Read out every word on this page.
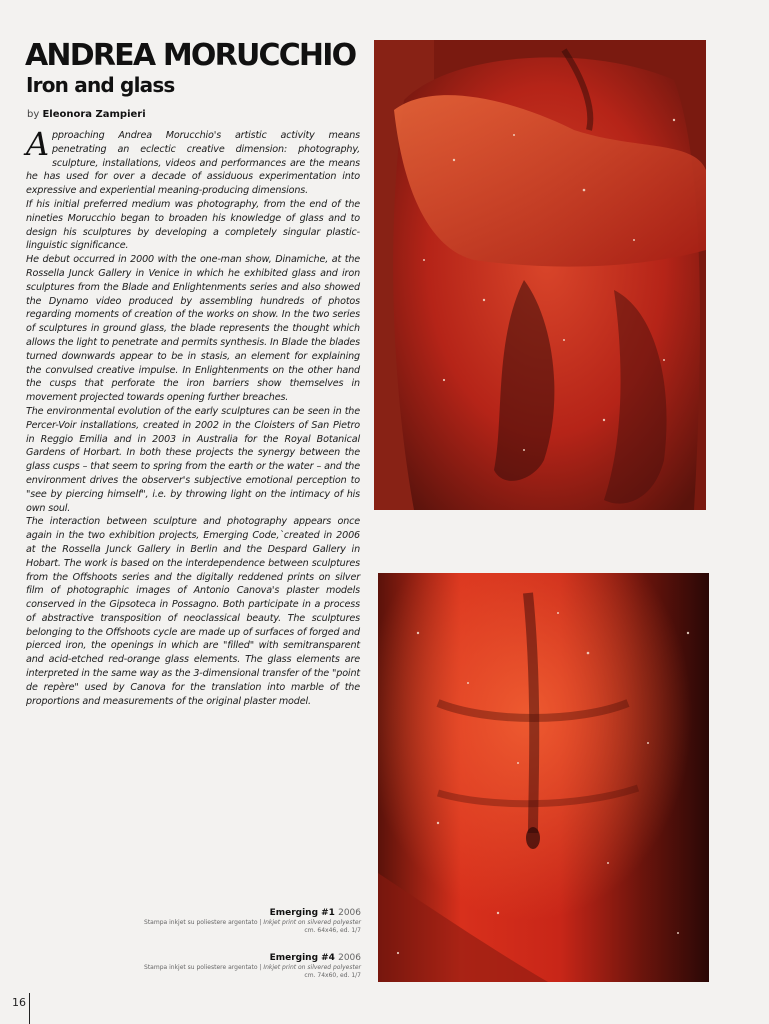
ANDREA MORUCCHIO
Iron and glass
by Eleonora Zampieri

Approaching Andrea Morucchio's artistic activity means penetrating an eclectic creative dimension: photography, sculpture, installations, videos and performances are the means he has used for over a decade of assiduous experimentation into expressive and experiential meaning-producing dimensions.

If his initial preferred medium was photography, from the end of the nineties Morucchio began to broaden his knowledge of glass and to design his sculptures by developing a completely singular plastic-linguistic significance.

He debut occurred in 2000 with the one-man show, Dinamiche, at the Rossella Junck Gallery in Venice in which he exhibited glass and iron sculptures from the Blade and Enlightenments series and also showed the Dynamo video produced by assembling hundreds of photos regarding moments of creation of the works on show. In the two series of sculptures in ground glass, the blade represents the thought which allows the light to penetrate and permits synthesis. In Blade the blades turned downwards appear to be in stasis, an element for explaining the convulsed creative impulse. In Enlightenments on the other hand the cusps that perforate the iron barriers show themselves in movement projected towards opening further breaches.

The environmental evolution of the early sculptures can be seen in the Percer-Voir installations, created in 2002 in the Cloisters of San Pietro in Reggio Emilia and in 2003 in Australia for the Royal Botanical Gardens of Horbart. In both these projects the synergy between the glass cusps – that seem to spring from the earth or the water – and the environment drives the observer's subjective emotional perception to "see by piercing himself", i.e. by throwing light on the intimacy of his own soul.

The interaction between sculpture and photography appears once again in the two exhibition projects, Emerging Code,`created in 2006 at the Rossella Junck Gallery in Berlin and the Despard Gallery in Hobart. The work is based on the interdependence between sculptures from the Offshoots series and the digitally reddened prints on silver film of photographic images of Antonio Canova's plaster models conserved in the Gipsoteca in Possagno. Both participate in a process of abstractive transposition of neoclassical beauty. The sculptures belonging to the Offshoots cycle are made up of surfaces of forged and pierced iron, the openings in which are "filled" with semitransparent and acid-etched red-orange glass elements. The glass elements are interpreted in the same way as the 3-dimensional transfer of the "point de repère" used by Canova for the translation into marble of the proportions and measurements of the original plaster model.

Emerging #1 2006
Stampa inkjet su poliestere argentato | Inkjet print on silvered polyester
cm. 64x46, ed. 1/7
Emerging #4 2006
Stampa inkjet su poliestere argentato | Inkjet print on silvered polyester
cm. 74x60, ed. 1/7
16
